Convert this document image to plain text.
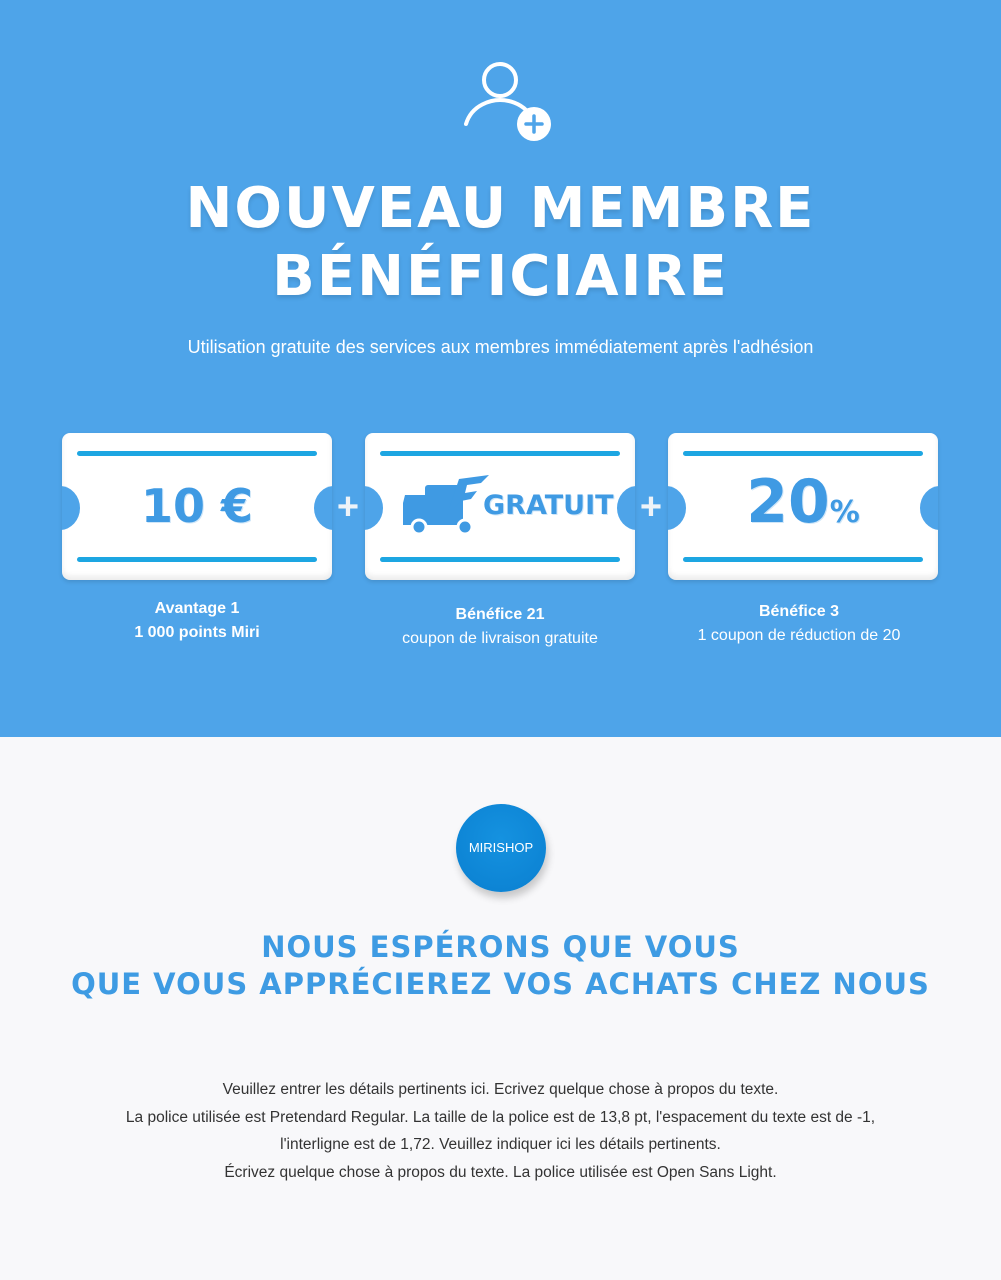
NOUVEAU MEMBRE
BÉNÉFICIAIRE
Utilisation gratuite des services aux membres immédiatement après l'adhésion
10 €	GRATUIT	20%
+	+
Avantage 1
1 000 points Miri
Bénéfice 21
coupon de livraison gratuite
Bénéfice 3
1 coupon de réduction de 20
MIRISHOP
NOUS ESPÉRONS QUE VOUS
QUE VOUS APPRÉCIEREZ VOS ACHATS CHEZ NOUS
Veuillez entrer les détails pertinents ici. Ecrivez quelque chose à propos du texte.
La police utilisée est Pretendard Regular. La taille de la police est de 13,8 pt, l'espacement du texte est de -1,
l'interligne est de 1,72. Veuillez indiquer ici les détails pertinents.
Écrivez quelque chose à propos du texte. La police utilisée est Open Sans Light.
